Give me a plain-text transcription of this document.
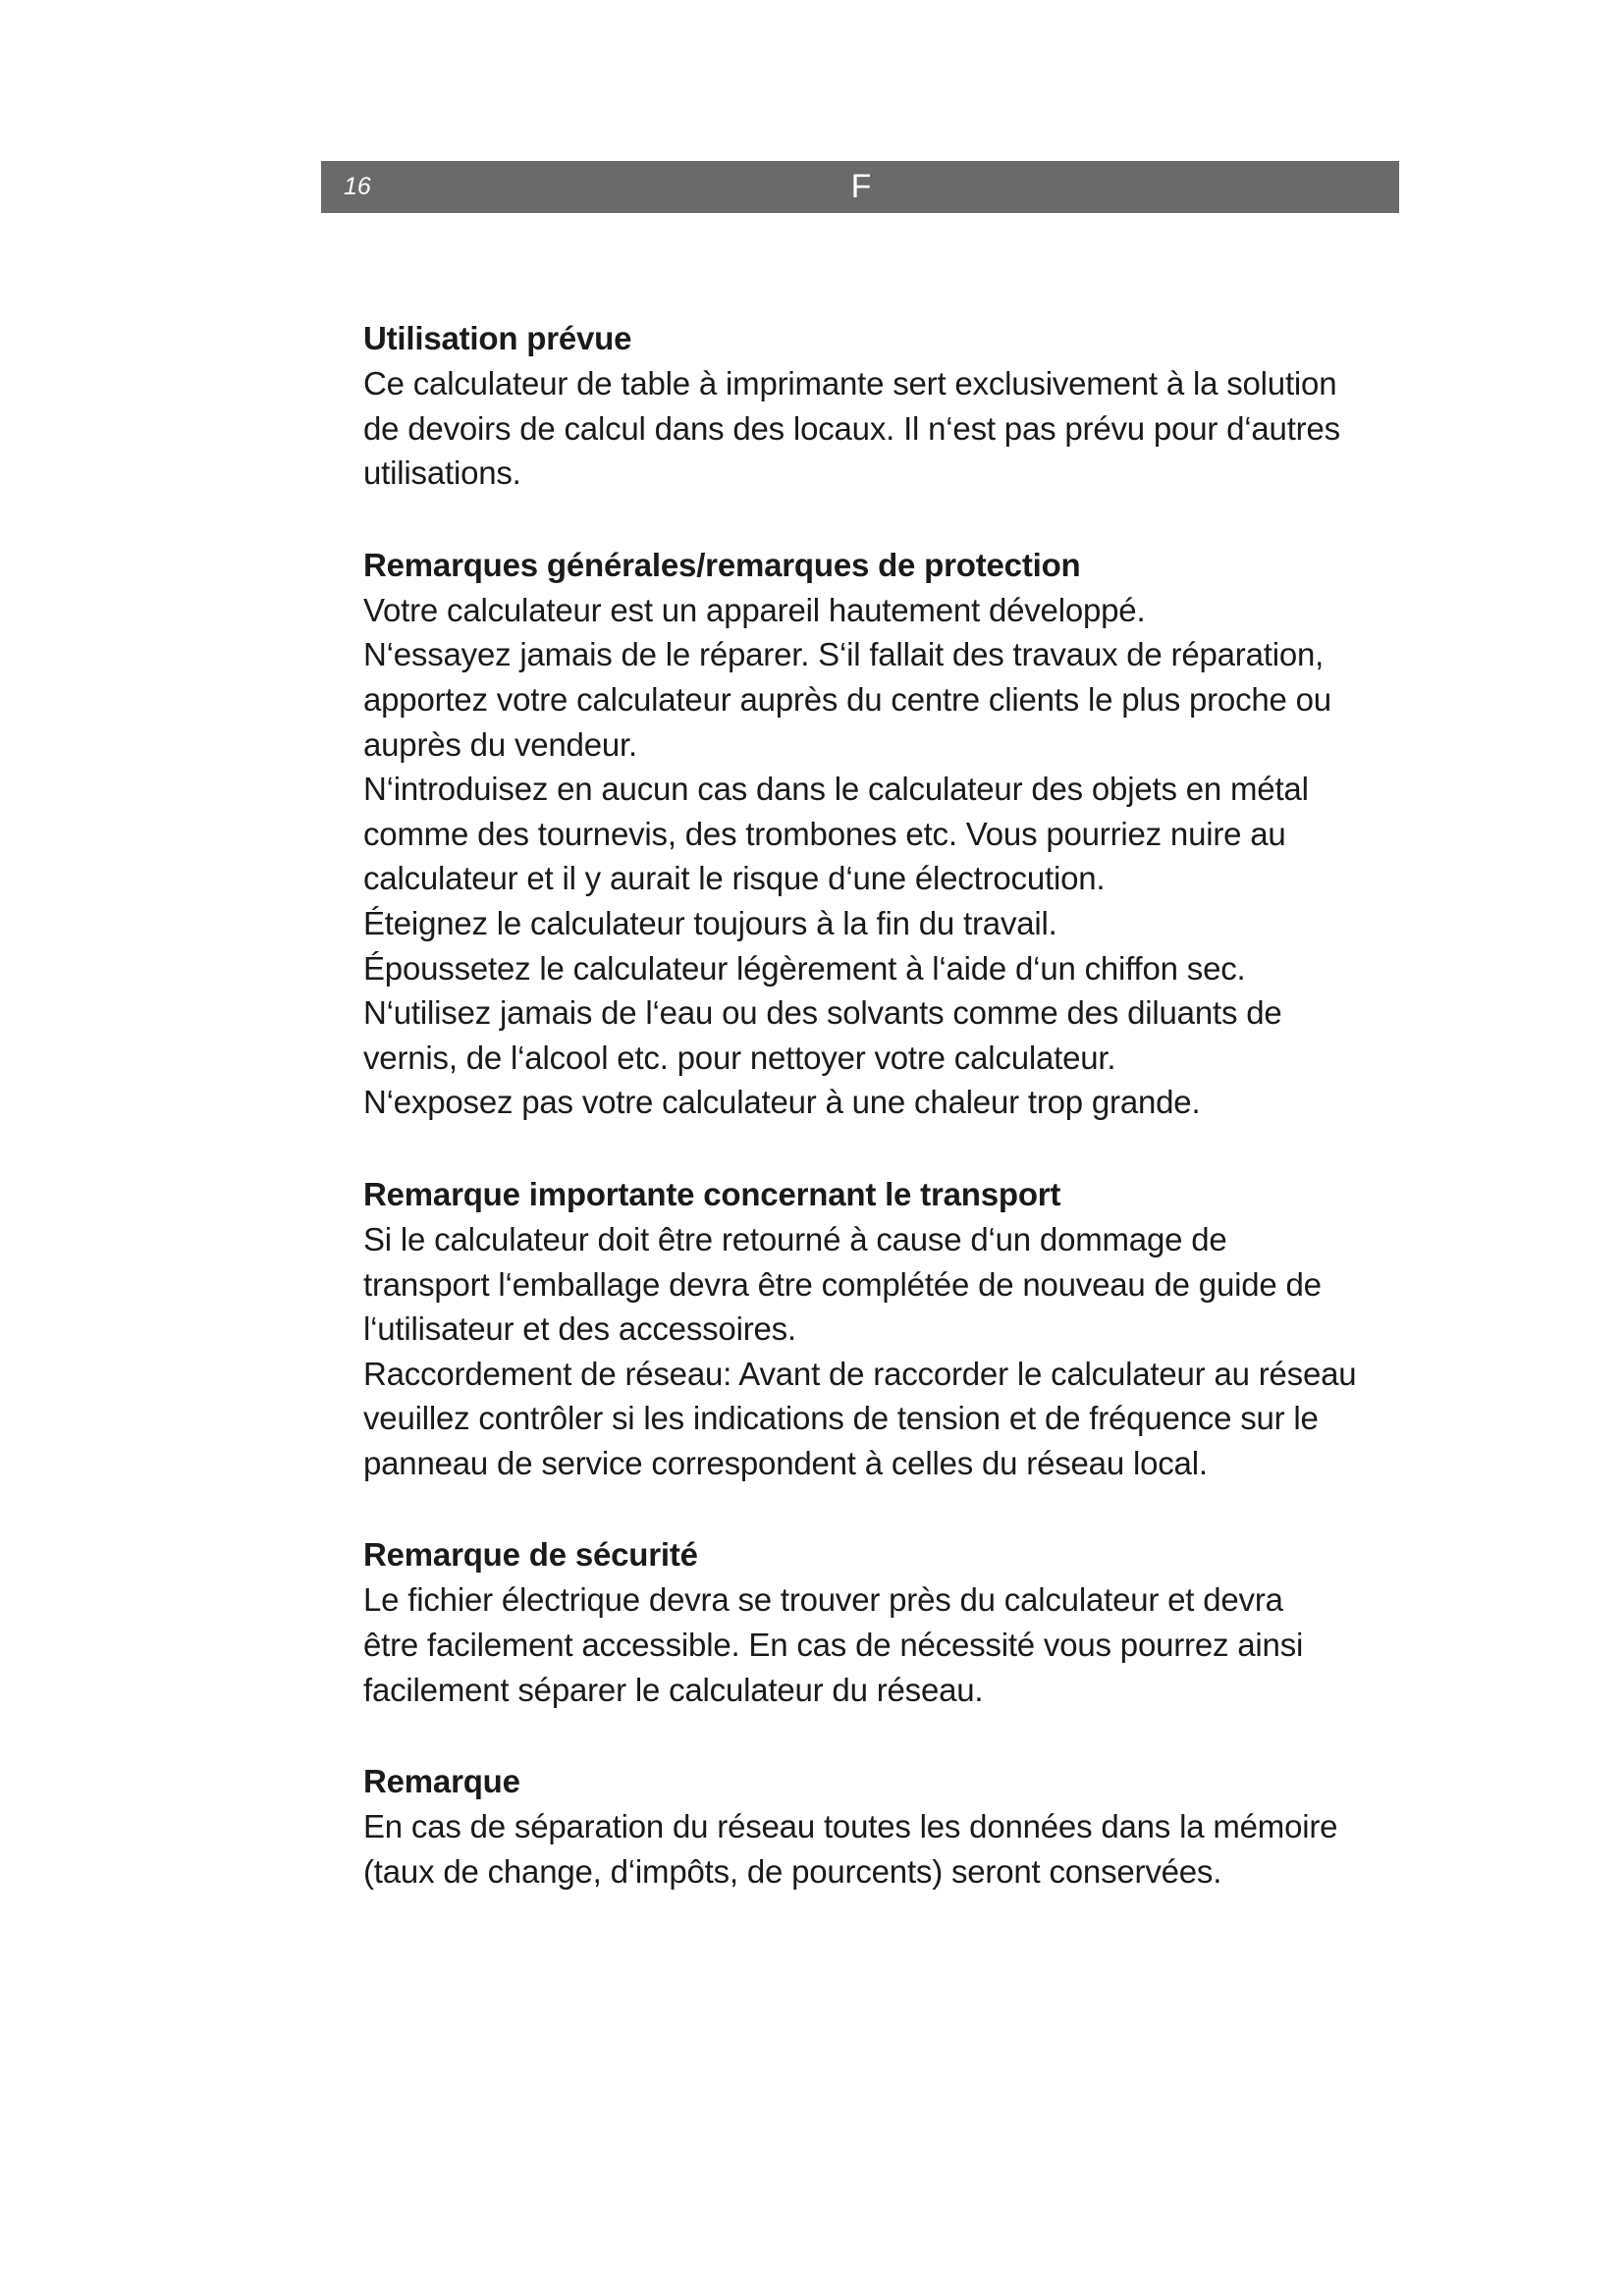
16	F
Utilisation prévue
Ce calculateur de table à imprimante sert exclusivement à la solution
de devoirs de calcul dans des locaux. Il n‘est pas prévu pour d‘autres
utilisations.
Remarques générales/remarques de protection
Votre calculateur est un appareil hautement développé.
N‘essayez jamais de le réparer. S‘il fallait des travaux de réparation,
apportez votre calculateur auprès du centre clients le plus proche ou
auprès du vendeur.
N‘introduisez en aucun cas dans le calculateur des objets en métal
comme des tournevis, des trombones etc. Vous pourriez nuire au
calculateur et il y aurait le risque d‘une électrocution.
Éteignez le calculateur toujours à la fin du travail.
Époussetez le calculateur légèrement à l‘aide d‘un chiffon sec.
N‘utilisez jamais de l‘eau ou des solvants comme des diluants de
vernis, de l‘alcool etc. pour nettoyer votre calculateur.
N‘exposez pas votre calculateur à une chaleur trop grande.
Remarque importante concernant le transport
Si le calculateur doit être retourné à cause d‘un dommage de
transport l‘emballage devra être complétée de nouveau de guide de
l‘utilisateur et des accessoires.
Raccordement de réseau: Avant de raccorder le calculateur au réseau
veuillez contrôler si les indications de tension et de fréquence sur le
panneau de service correspondent à celles du réseau local.
Remarque de sécurité
Le fichier électrique devra se trouver près du calculateur et devra
être facilement accessible. En cas de nécessité vous pourrez ainsi
facilement séparer le calculateur du réseau.
Remarque
En cas de séparation du réseau toutes les données dans la mémoire
(taux de change, d‘impôts, de pourcents) seront conservées.
